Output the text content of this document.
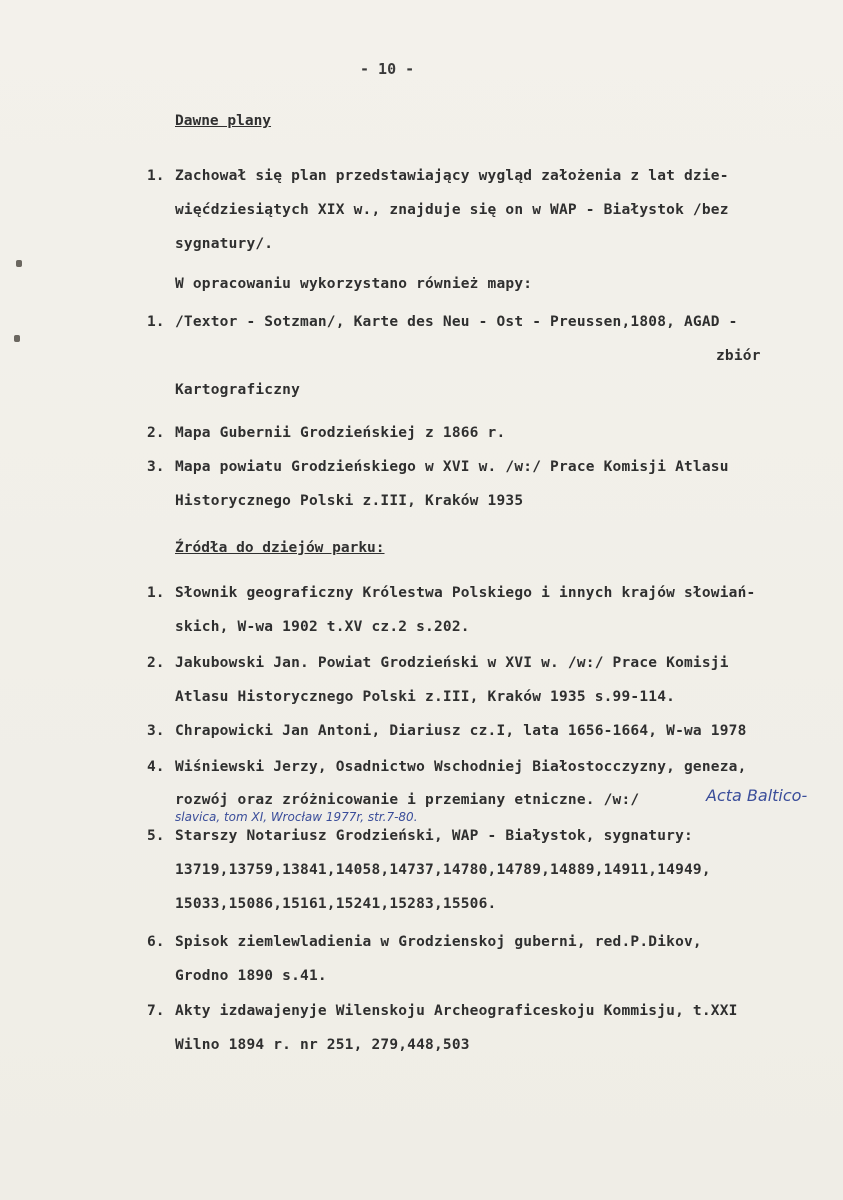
- 10 -
Dawne plany
1. Zachował się plan przedstawiający wygląd założenia z lat dzie-
więćdziesiątych XIX w., znajduje się on w WAP - Białystok /bez
sygnatury/.
W opracowaniu wykorzystano również mapy:
1. /Textor - Sotzman/, Karte des Neu - Ost - Preussen,1808, AGAD -
zbiór
Kartograficzny
2. Mapa Gubernii Grodzieńskiej z 1866 r.
3. Mapa powiatu Grodzieńskiego w XVI w. /w:/ Prace Komisji Atlasu
Historycznego Polski z.III, Kraków 1935
Źródła do dziejów parku:
1. Słownik geograficzny Królestwa Polskiego i innych krajów słowiań-
skich, W-wa 1902 t.XV cz.2 s.202.
2. Jakubowski Jan. Powiat Grodzieński w XVI w. /w:/ Prace Komisji
Atlasu Historycznego Polski z.III, Kraków 1935 s.99-114.
3. Chrapowicki Jan Antoni, Diariusz cz.I, lata 1656-1664, W-wa 1978
4. Wiśniewski Jerzy, Osadnictwo Wschodniej Białostocczyzny, geneza,
rozwój oraz zróżnicowanie i przemiany etniczne. /w:/	Acta Baltico-
slavica, tom XI, Wrocław 1977r, str.7-80.
5. Starszy Notariusz Grodzieński, WAP - Białystok, sygnatury:
13719,13759,13841,14058,14737,14780,14789,14889,14911,14949,
15033,15086,15161,15241,15283,15506.
6. Spisok ziemlewladienia w Grodzienskoj guberni, red.P.Dikov,
Grodno 1890 s.41.
7. Akty izdawajenyje Wilenskoju Archeograficeskoju Kommisju, t.XXI
Wilno 1894 r. nr 251, 279,448,503
